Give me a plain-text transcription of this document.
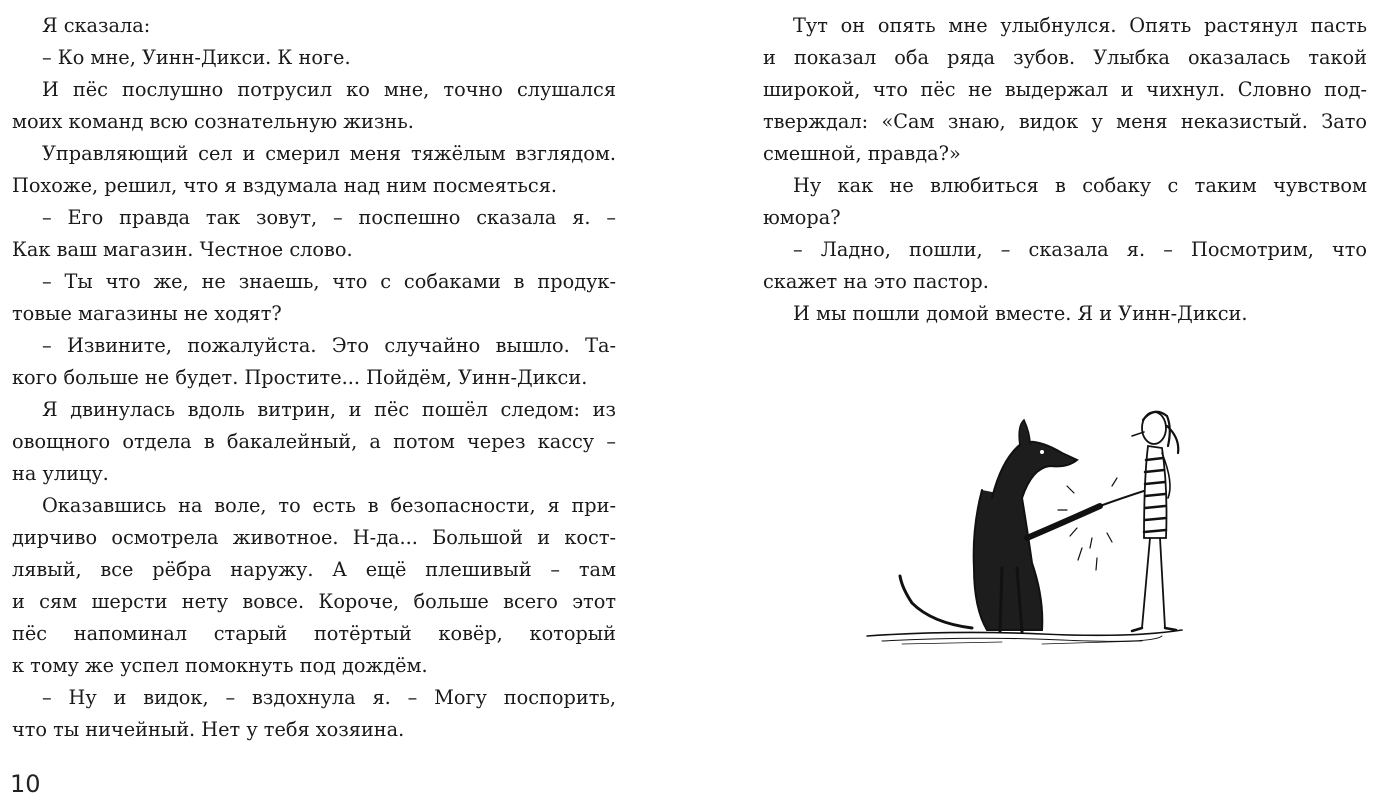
Я сказала:
– Ко мне, Уинн-Дикси. К ноге.
И пёс послушно потрусил ко мне, точно слушался
моих команд всю сознательную жизнь.
Управляющий сел и смерил меня тяжёлым взглядом.
Похоже, решил, что я вздумала над ним посмеяться.
– Его правда так зовут, – поспешно сказала я. –
Как ваш магазин. Честное слово.
– Ты что же, не знаешь, что с собаками в продук-
товые магазины не ходят?
– Извините, пожалуйста. Это случайно вышло. Та-
кого больше не будет. Простите... Пойдём, Уинн-Дикси.
Я двинулась вдоль витрин, и пёс пошёл следом: из
овощного отдела в бакалейный, а потом через кассу –
на улицу.
Оказавшись на воле, то есть в безопасности, я при-
дирчиво осмотрела животное. Н-да... Большой и кост-
лявый, все рёбра наружу. А ещё плешивый – там
и сям шерсти нету вовсе. Короче, больше всего этот
пёс напоминал старый потёртый ковёр, который
к тому же успел помокнуть под дождём.
– Ну и видок, – вздохнула я. – Могу поспорить,
что ты ничейный. Нет у тебя хозяина.
Тут он опять мне улыбнулся. Опять растянул пасть
и показал оба ряда зубов. Улыбка оказалась такой
широкой, что пёс не выдержал и чихнул. Словно под-
тверждал: «Сам знаю, видок у меня неказистый. Зато
смешной, правда?»
Ну как не влюбиться в собаку с таким чувством
юмора?
– Ладно, пошли, – сказала я. – Посмотрим, что
скажет на это пастор.
И мы пошли домой вместе. Я и Уинн-Дикси.
10
